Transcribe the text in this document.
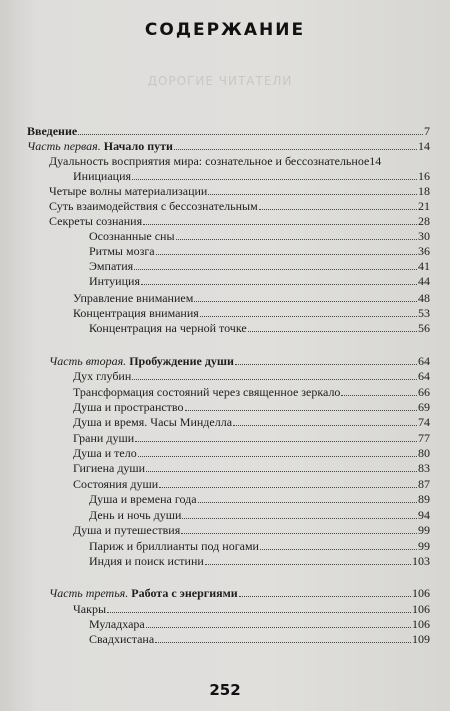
ДОРОГИЕ ЧИТАТЕЛИ
СОДЕРЖАНИЕ
Введение	7
Часть первая. Начало пути	14
Дуальность восприятия мира: сознательное и бессознательное 14
Инициация	16
Четыре волны материализации	18
Суть взаимодействия с бессознательным	21
Секреты сознания	28
Осознанные сны	30
Ритмы мозга	36
Эмпатия	41
Интуиция	44
Управление вниманием	48
Концентрация внимания	53
Концентрация на черной точке	56
Часть вторая. Пробуждение души	64
Дух глубин	64
Трансформация состояний через священное зеркало	66
Душа и пространство	69
Душа и время. Часы Минделла	74
Грани души	77
Душа и тело	80
Гигиена души	83
Состояния души	87
Душа и времена года	89
День и ночь души	94
Душа и путешествия	99
Париж и бриллианты под ногами	99
Индия и поиск истини	103
Часть третья. Работа с энергиями	106
Чакры	106
Муладхара	106
Свадхистана	109
252
